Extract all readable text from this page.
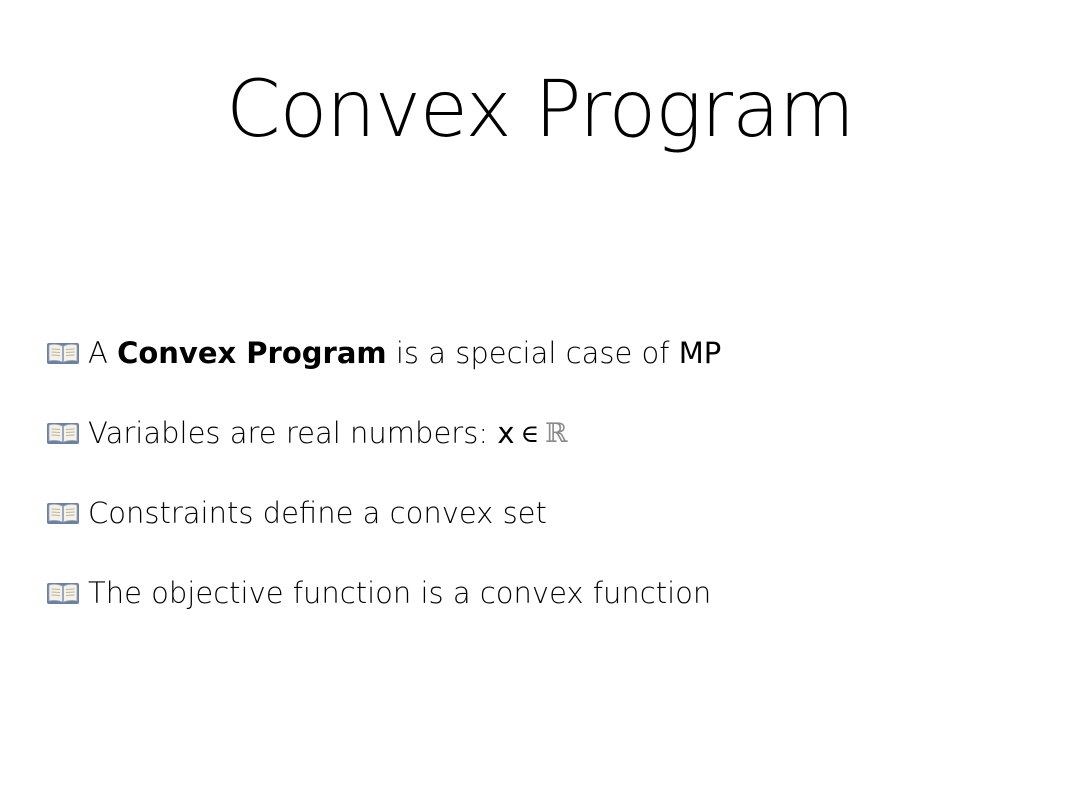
Convex Program
A Convex Program is a special case of MP
Variables are real numbers: x ∈ ℝ
Constraints define a convex set
The objective function is a convex function
